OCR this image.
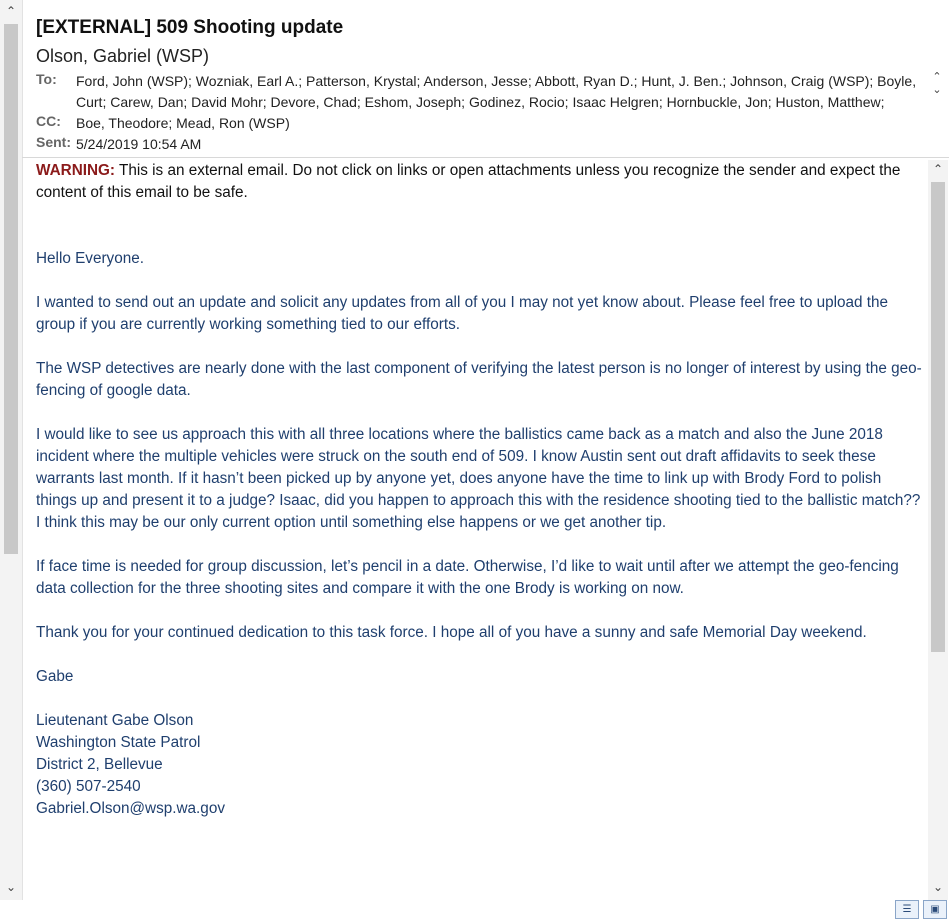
⌃
⌄
[EXTERNAL] 509 Shooting update
Olson, Gabriel (WSP)
To: Ford, John (WSP); Wozniak, Earl A.; Patterson, Krystal; Anderson, Jesse; Abbott, Ryan D.; Hunt, J. Ben.; Johnson, Craig (WSP); Boyle, Curt; Carew, Dan; David Mohr; Devore, Chad; Eshom, Joseph; Godinez, Rocio; Isaac Helgren; Hornbuckle, Jon; Huston, Matthew;
⌃
⌄
CC: Boe, Theodore; Mead, Ron (WSP)
Sent: 5/24/2019 10:54 AM

WARNING: This is an external email. Do not click on links or open attachments unless you recognize the sender and expect the content of this email to be safe.

Hello Everyone.

I wanted to send out an update and solicit any updates from all of you I may not yet know about. Please feel free to upload the group if you are currently working something tied to our efforts.

The WSP detectives are nearly done with the last component of verifying the latest person is no longer of interest by using the geo-fencing of google data.

I would like to see us approach this with all three locations where the ballistics came back as a match and also the June 2018 incident where the multiple vehicles were struck on the south end of 509. I know Austin sent out draft affidavits to seek these warrants last month. If it hasn’t been picked up by anyone yet, does anyone have the time to link up with Brody Ford to polish things up and present it to a judge? Isaac, did you happen to approach this with the residence shooting tied to the ballistic match??

I think this may be our only current option until something else happens or we get another tip.

If face time is needed for group discussion, let’s pencil in a date. Otherwise, I’d like to wait until after we attempt the geo-fencing data collection for the three shooting sites and compare it with the one Brody is working on now.

Thank you for your continued dedication to this task force. I hope all of you have a sunny and safe Memorial Day weekend.

Gabe

Lieutenant Gabe Olson

Washington State Patrol

District 2, Bellevue

(360) 507-2540

Gabriel.Olson@wsp.wa.gov

⌃
⌄
☰	▣
